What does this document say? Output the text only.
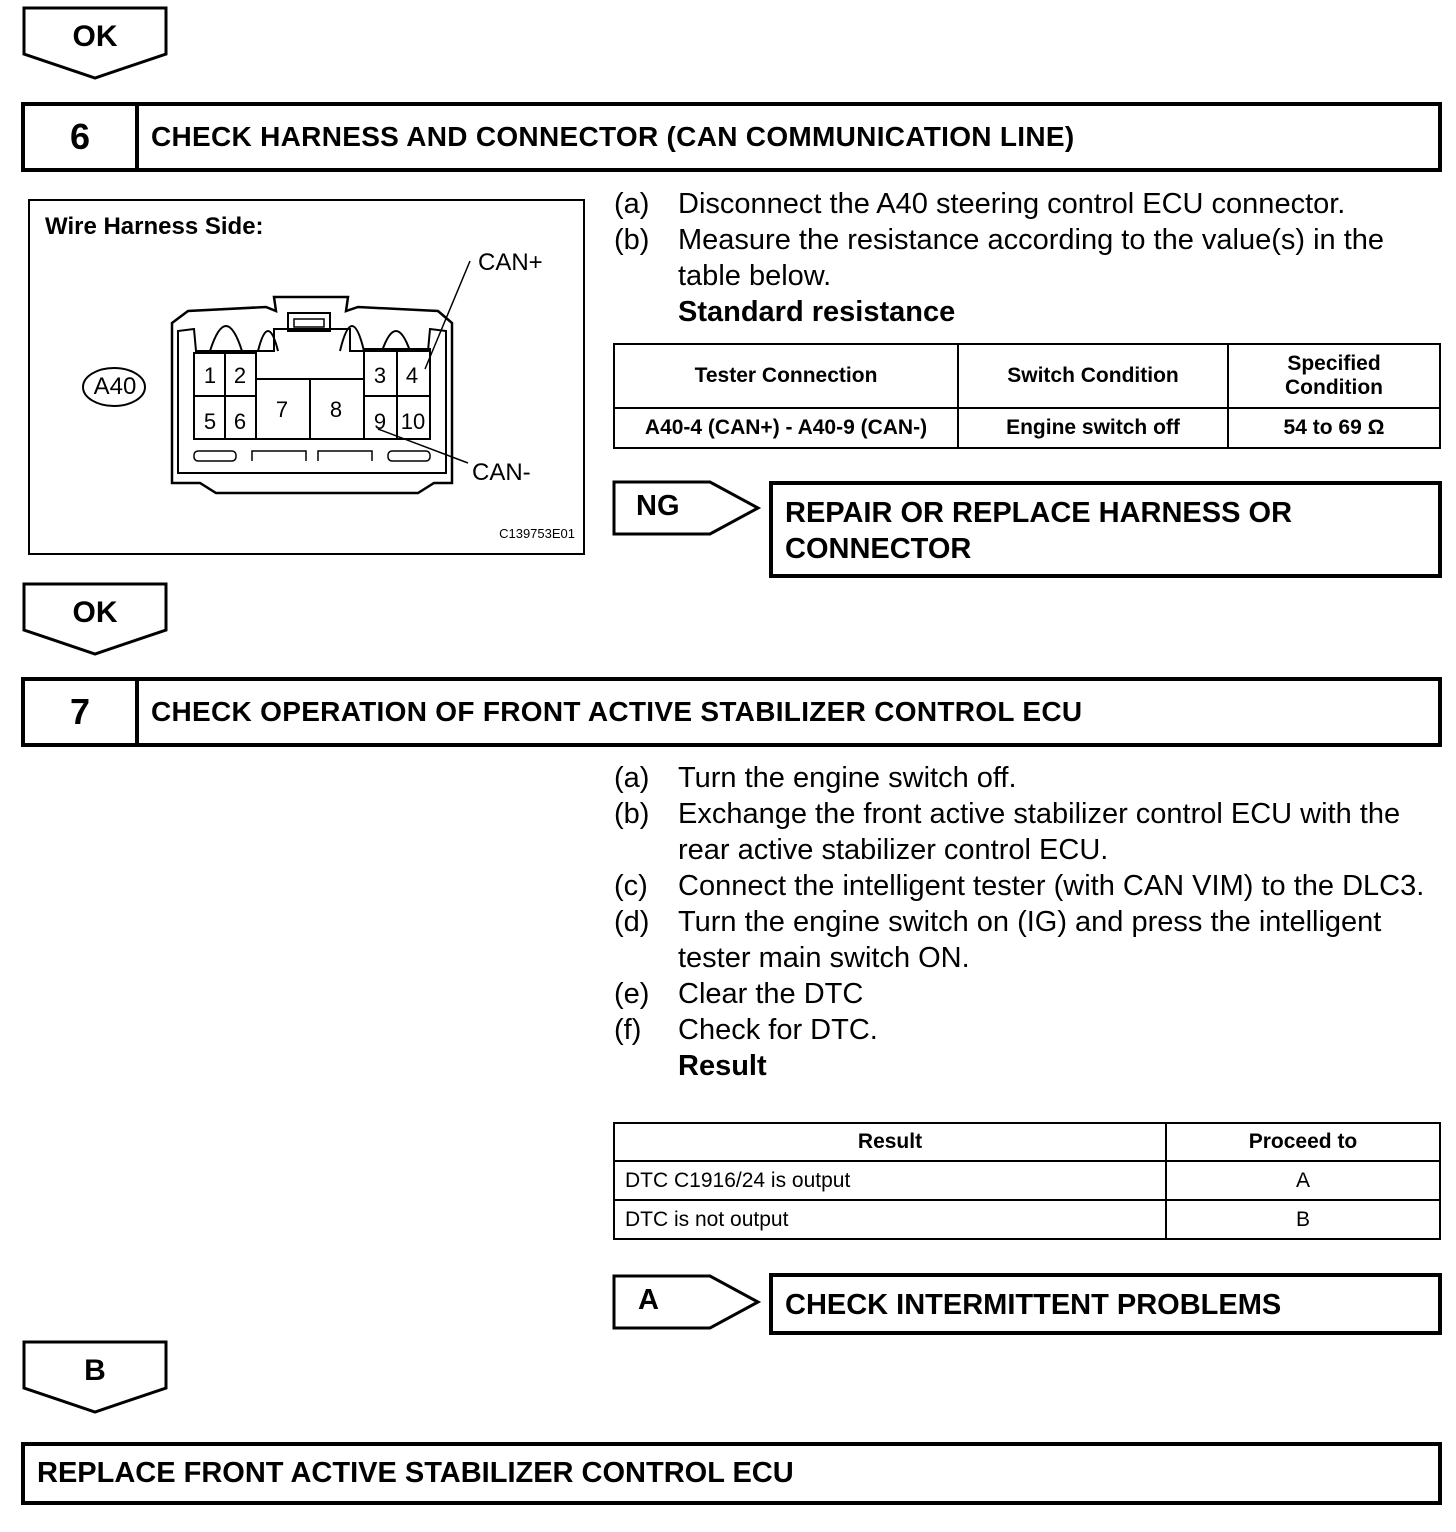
OK
6	CHECK HARNESS AND CONNECTOR (CAN COMMUNICATION LINE)
Wire Harness Side:
A40
CAN+
CAN-
1 2	3 4
5 6 7 8 9 10
C139753E01
(a) Disconnect the A40 steering control ECU connector.
(b) Measure the resistance according to the value(s) in the table below.
Standard resistance
Tester Connection	Switch Condition	Specified Condition
A40-4 (CAN+) - A40-9 (CAN-)	Engine switch off	54 to 69 Ω
NG	REPAIR OR REPLACE HARNESS OR CONNECTOR
OK
7	CHECK OPERATION OF FRONT ACTIVE STABILIZER CONTROL ECU
(a) Turn the engine switch off.
(b) Exchange the front active stabilizer control ECU with the rear active stabilizer control ECU.
(c)	Connect the intelligent tester (with CAN VIM) to the DLC3.
(d) Turn the engine switch on (IG) and press the intelligent tester main switch ON.
(e) Clear the DTC
(f)	Check for DTC.
Result
Result	Proceed to
DTC C1916/24 is output	A
DTC is not output	B
A	CHECK INTERMITTENT PROBLEMS
B
REPLACE FRONT ACTIVE STABILIZER CONTROL ECU
